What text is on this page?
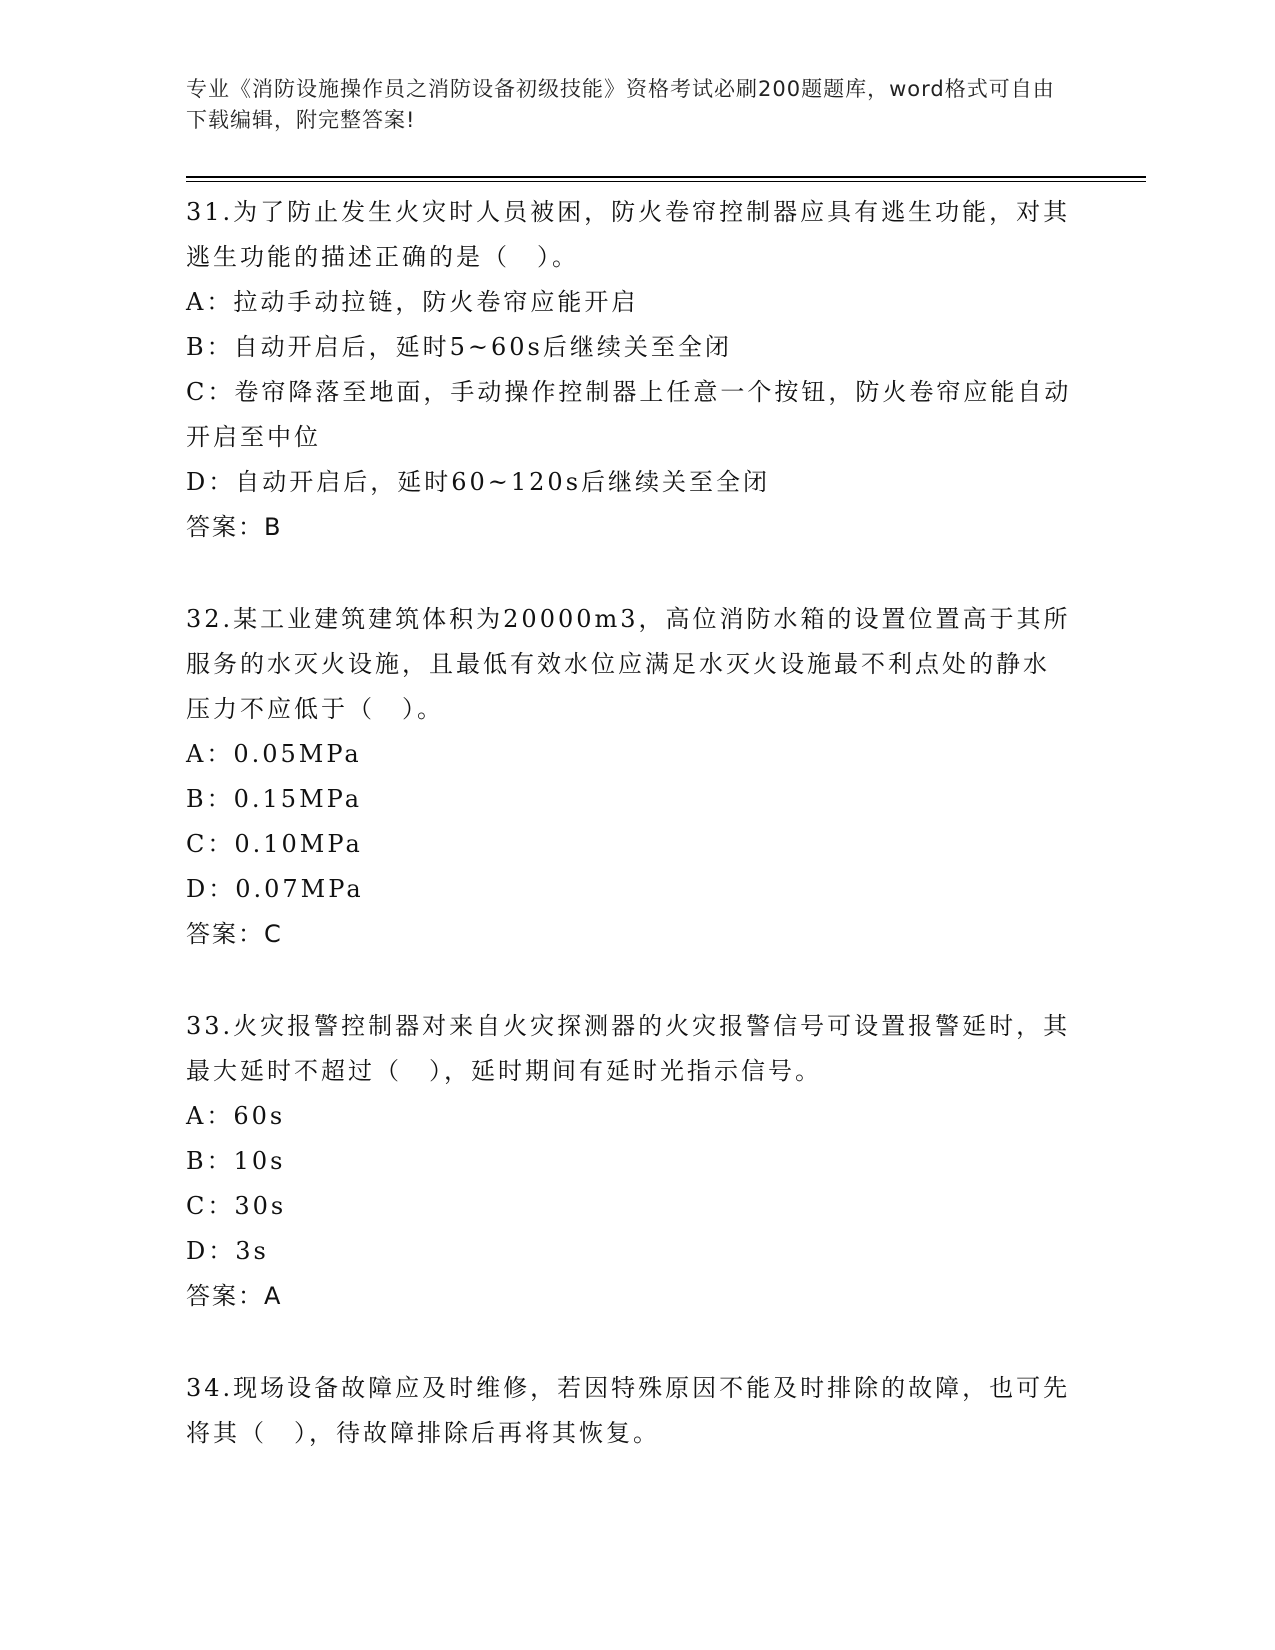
专业《消防设施操作员之消防设备初级技能》资格考试必刷200题题库，word格式可自由下载编辑，附完整答案!

31.为了防止发生火灾时人员被困，防火卷帘控制器应具有逃生功能，对其逃生功能的描述正确的是（　）。

A：拉动手动拉链，防火卷帘应能开启

B：自动开启后，延时5~60s后继续关至全闭

C：卷帘降落至地面，手动操作控制器上任意一个按钮，防火卷帘应能自动开启至中位

D：自动开启后，延时60~120s后继续关至全闭

答案：B

32.某工业建筑建筑体积为20000m3，高位消防水箱的设置位置高于其所服务的水灭火设施，且最低有效水位应满足水灭火设施最不利点处的静水压力不应低于（　）。

A：0.05MPa

B：0.15MPa

C：0.10MPa

D：0.07MPa

答案：C

33.火灾报警控制器对来自火灾探测器的火灾报警信号可设置报警延时，其最大延时不超过（　），延时期间有延时光指示信号。

A：60s

B：10s

C：30s

D：3s

答案：A

34.现场设备故障应及时维修，若因特殊原因不能及时排除的故障，也可先将其（　），待故障排除后再将其恢复。
